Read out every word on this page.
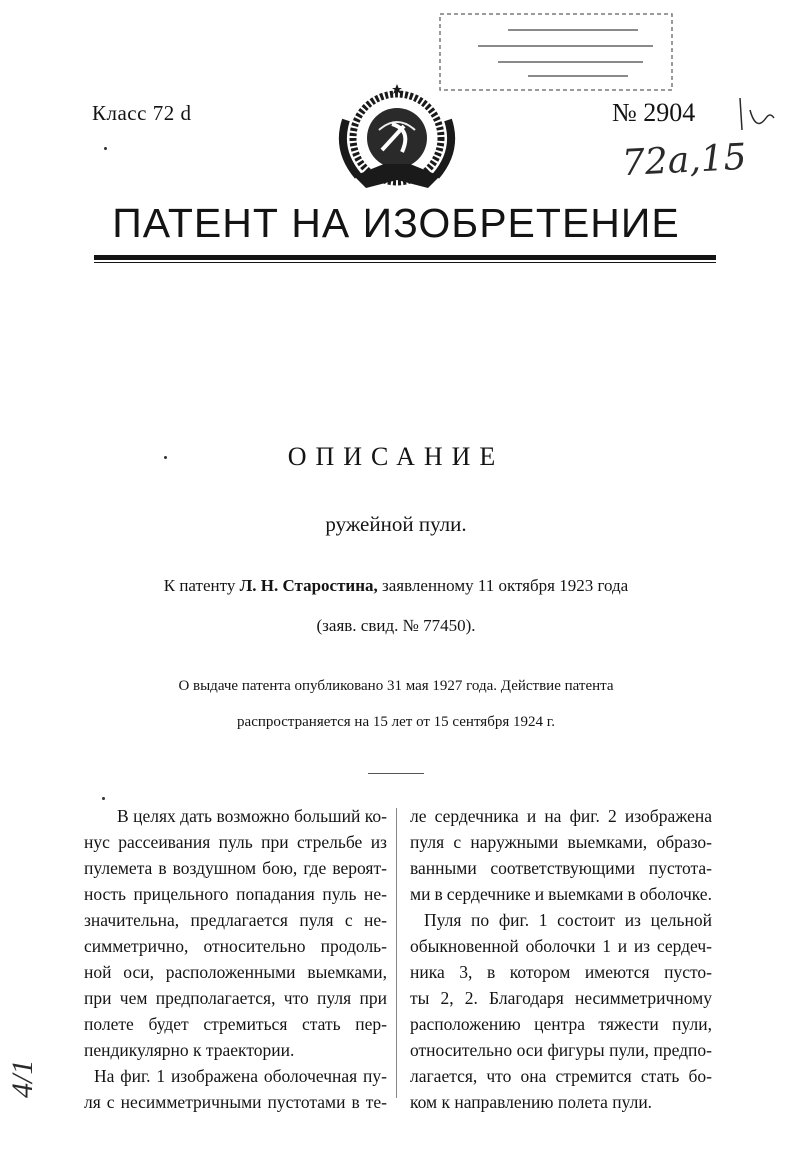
Класс 72 d	№ 2904
72a,15
ПАТЕНТ НА ИЗОБРЕТЕНИЕ
ОПИСАНИЕ
ружейной пули.
К патенту Л. Н. Старостина, заявленному 11 октября 1923 года
(заяв. свид. № 77450).
О выдаче патента опубликовано 31 мая 1927 года. Действие патента
распространяется на 15 лет от 15 сентября 1924 г.
В целях дать возможно больший ко-
нус рассеивания пуль при стрельбе из
пулемета в воздушном бою, где вероят-
ность прицельного попадания пуль не-
значительна, предлагается пуля с не-
симметрично, относительно продоль-
ной оси, расположенными выемками,
при чем предполагается, что пуля при
полете будет стремиться стать пер-
пендикулярно к траектории.
На фиг. 1 изображена оболочечная пу-
ля с несимметричными пустотами в те-
ле сердечника и на фиг. 2 изображена
пуля с наружными выемками, образо-
ванными соответствующими пустота-
ми в сердечнике и выемками в оболочке.
Пуля по фиг. 1 состоит из цельной
обыкновенной оболочки 1 и из сердеч-
ника 3, в котором имеются пусто-
ты 2, 2. Благодаря несимметричному
расположению центра тяжести пули,
относительно оси фигуры пули, предпо-
лагается, что она стремится стать бо-
ком к направлению полета пули.
4/1
